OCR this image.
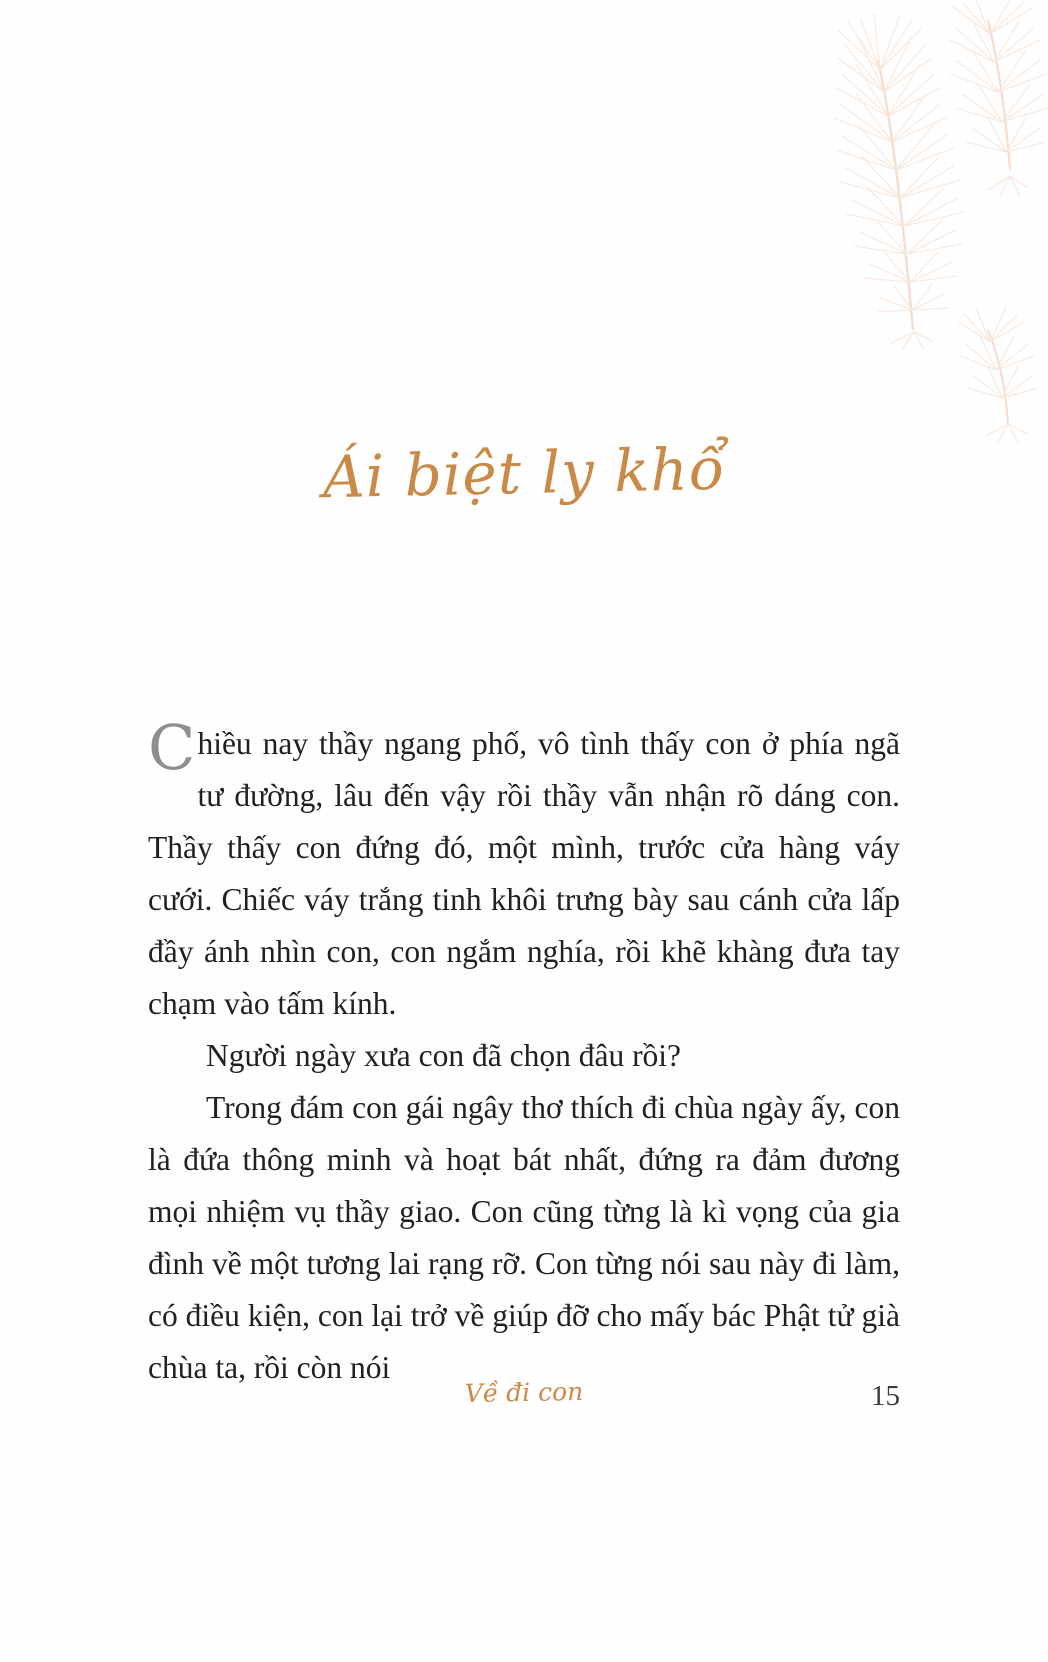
Ái biệt ly khổ

Chiều nay thầy ngang phố, vô tình thấy con ở phía ngã tư đường, lâu đến vậy rồi thầy vẫn nhận rõ dáng con. Thầy thấy con đứng đó, một mình, trước cửa hàng váy cưới. Chiếc váy trắng tinh khôi trưng bày sau cánh cửa lấp đầy ánh nhìn con, con ngắm nghía, rồi khẽ khàng đưa tay chạm vào tấm kính.

Người ngày xưa con đã chọn đâu rồi?

Trong đám con gái ngây thơ thích đi chùa ngày ấy, con là đứa thông minh và hoạt bát nhất, đứng ra đảm đương mọi nhiệm vụ thầy giao. Con cũng từng là kì vọng của gia đình về một tương lai rạng rỡ. Con từng nói sau này đi làm, có điều kiện, con lại trở về giúp đỡ cho mấy bác Phật tử già chùa ta, rồi còn nói

Về đi con	15
